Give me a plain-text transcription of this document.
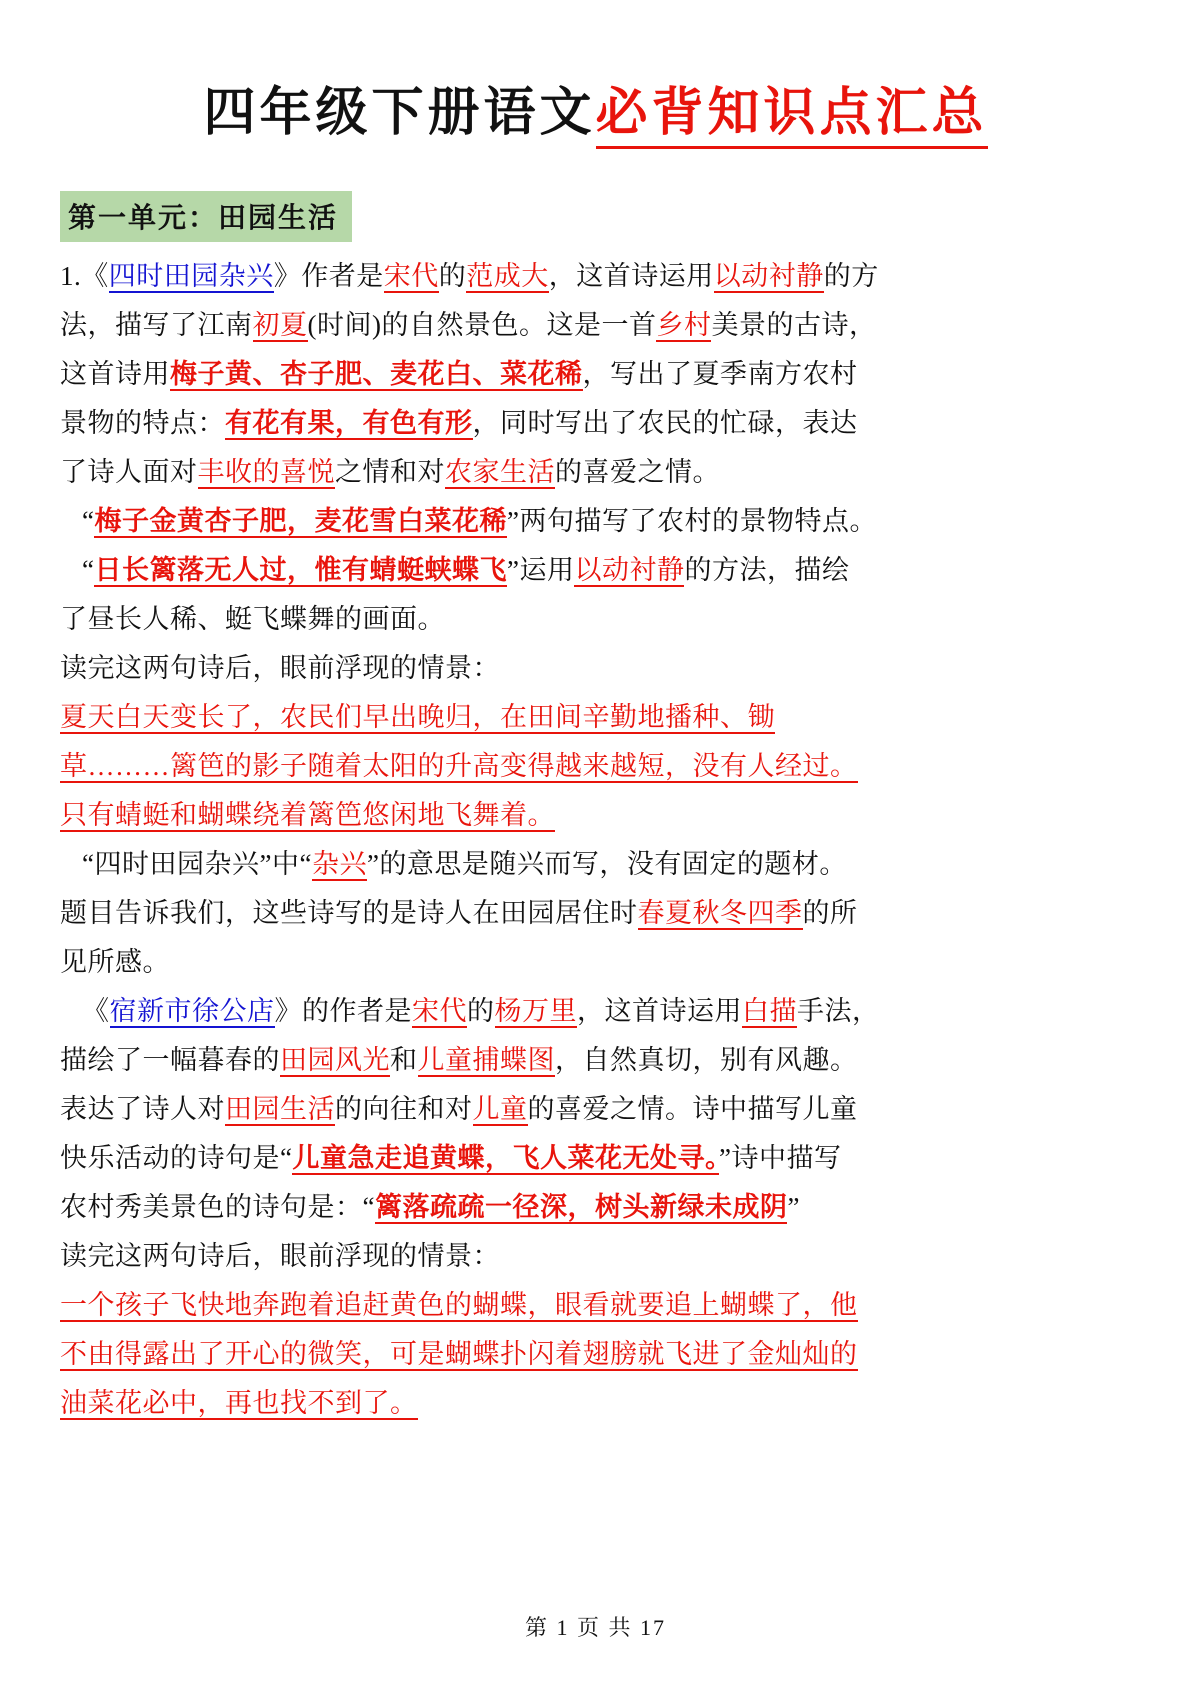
四年级下册语文必背知识点汇总
第一单元：田园生活

1.《四时田园杂兴》作者是宋代的范成大，这首诗运用以动衬静的方

法，描写了江南初夏(时间)的自然景色。这是一首乡村美景的古诗，

这首诗用梅子黄、杏子肥、麦花白、菜花稀，写出了夏季南方农村

景物的特点：有花有果，有色有形，同时写出了农民的忙碌，表达

了诗人面对丰收的喜悦之情和对农家生活的喜爱之情。

“梅子金黄杏子肥，麦花雪白菜花稀”两句描写了农村的景物特点。

“日长篱落无人过，惟有蜻蜓蛱蝶飞”运用以动衬静的方法，描绘

了昼长人稀、蜓飞蝶舞的画面。

读完这两句诗后，眼前浮现的情景：

夏天白天变长了，农民们早出晚归，在田间辛勤地播种、锄

草………篱笆的影子随着太阳的升高变得越来越短，没有人经过。

只有蜻蜓和蝴蝶绕着篱笆悠闲地飞舞着。

“四时田园杂兴”中“杂兴”的意思是随兴而写，没有固定的题材。

题目告诉我们，这些诗写的是诗人在田园居住时春夏秋冬四季的所

见所感。

《宿新市徐公店》的作者是宋代的杨万里，这首诗运用白描手法，

描绘了一幅暮春的田园风光和儿童捕蝶图，自然真切，别有风趣。

表达了诗人对田园生活的向往和对儿童的喜爱之情。诗中描写儿童

快乐活动的诗句是“儿童急走追黄蝶，飞人菜花无处寻。”诗中描写

农村秀美景色的诗句是：“篱落疏疏一径深，树头新绿未成阴”

读完这两句诗后，眼前浮现的情景：

一个孩子飞快地奔跑着追赶黄色的蝴蝶，眼看就要追上蝴蝶了，他

不由得露出了开心的微笑，可是蝴蝶扑闪着翅膀就飞进了金灿灿的

油菜花必中，再也找不到了。

第 1 页 共 17
